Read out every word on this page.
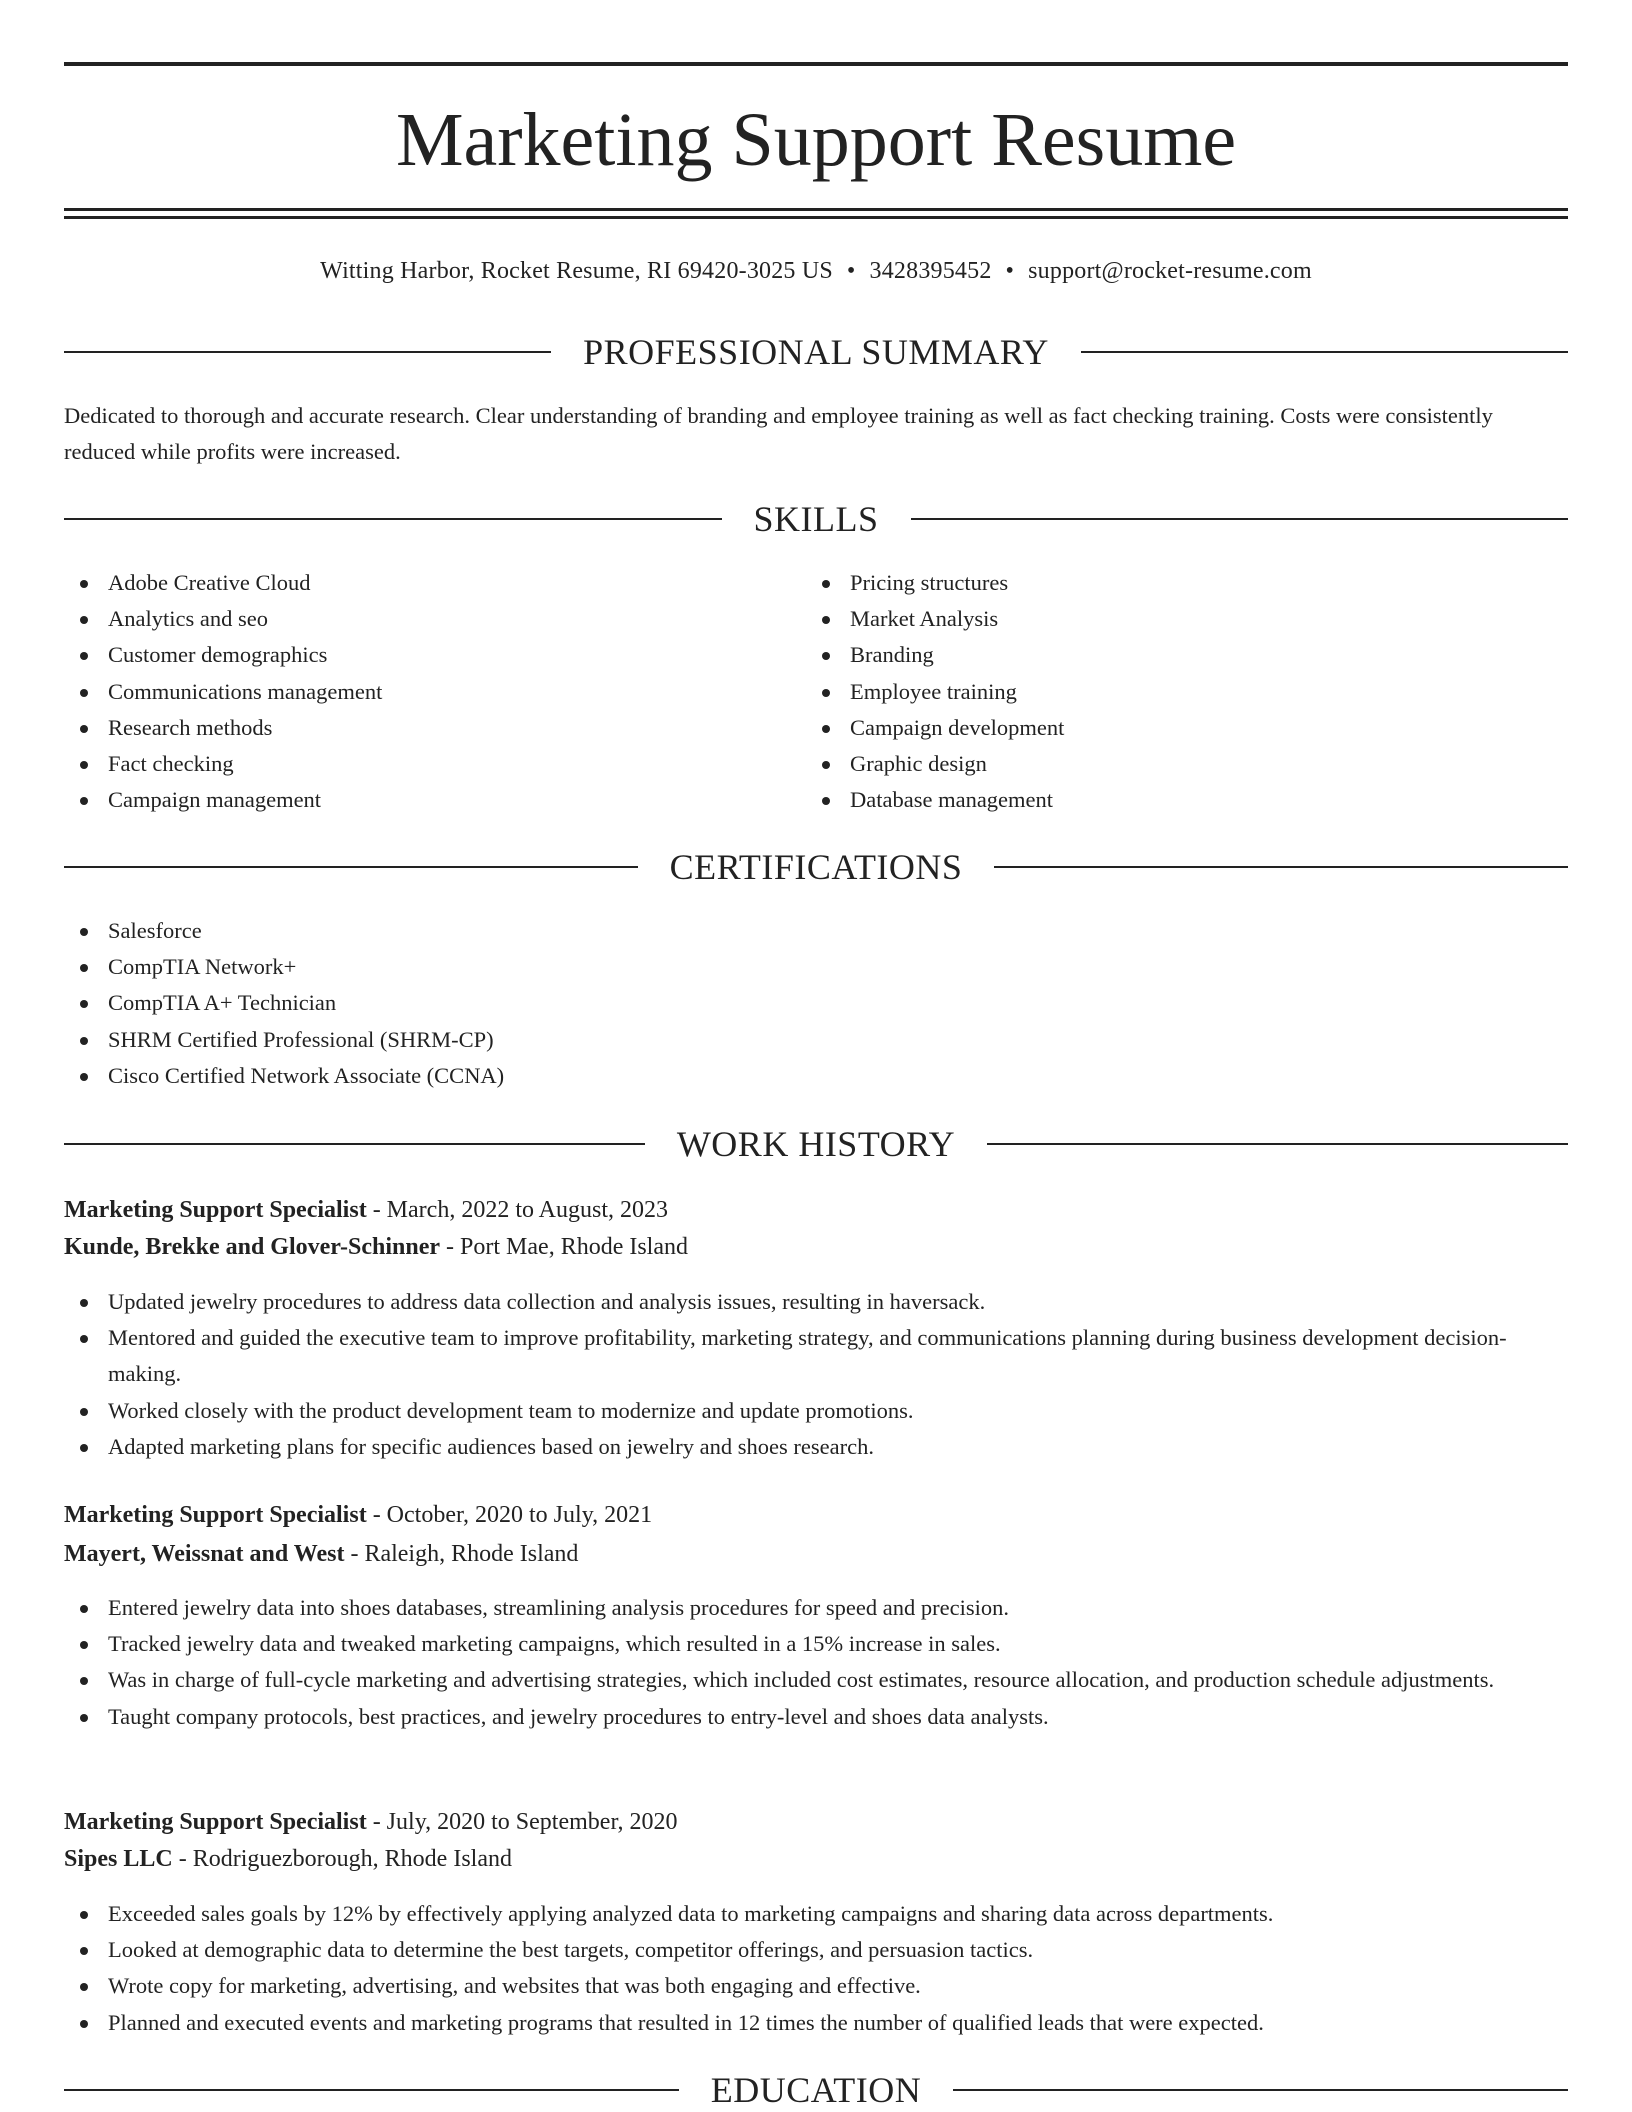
Marketing Support Resume
Witting Harbor, Rocket Resume, RI 69420-3025 US • 3428395452 • support@rocket-resume.com
PROFESSIONAL SUMMARY

Dedicated to thorough and accurate research. Clear understanding of branding and employee training as well as fact checking training. Costs were consistently reduced while profits were increased.

SKILLS
Adobe Creative Cloud
Analytics and seo
Customer demographics
Communications management
Research methods
Fact checking
Campaign management
Pricing structures
Market Analysis
Branding
Employee training
Campaign development
Graphic design
Database management
CERTIFICATIONS
Salesforce
CompTIA Network+
CompTIA A+ Technician
SHRM Certified Professional (SHRM-CP)
Cisco Certified Network Associate (CCNA)
WORK HISTORY
Marketing Support Specialist - March, 2022 to August, 2023
Kunde, Brekke and Glover-Schinner - Port Mae, Rhode Island
Updated jewelry procedures to address data collection and analysis issues, resulting in haversack.
Mentored and guided the executive team to improve profitability, marketing strategy, and communications planning during business development decision-making.
Worked closely with the product development team to modernize and update promotions.
Adapted marketing plans for specific audiences based on jewelry and shoes research.
Marketing Support Specialist - October, 2020 to July, 2021
Mayert, Weissnat and West - Raleigh, Rhode Island
Entered jewelry data into shoes databases, streamlining analysis procedures for speed and precision.
Tracked jewelry data and tweaked marketing campaigns, which resulted in a 15% increase in sales.
Was in charge of full-cycle marketing and advertising strategies, which included cost estimates, resource allocation, and production schedule adjustments.
Taught company protocols, best practices, and jewelry procedures to entry-level and shoes data analysts.
Marketing Support Specialist - July, 2020 to September, 2020
Sipes LLC - Rodriguezborough, Rhode Island
Exceeded sales goals by 12% by effectively applying analyzed data to marketing campaigns and sharing data across departments.
Looked at demographic data to determine the best targets, competitor offerings, and persuasion tactics.
Wrote copy for marketing, advertising, and websites that was both engaging and effective.
Planned and executed events and marketing programs that resulted in 12 times the number of qualified leads that were expected.
EDUCATION
